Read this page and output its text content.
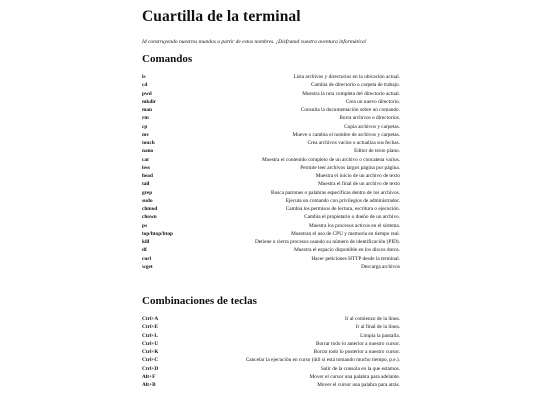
Cuartilla de la terminal

Id construyendo nuestros mundos a partir de estos nombres. ¡Disfrutad vuestra aventura informática!

Comandos
ls	Lista archivos y directorios en la ubicación actual.
cd	Cambia de directorio o carpeta de trabajo.
pwd	Muestra la ruta completa del directorio actual.
mkdir	Crea un nuevo directorio.
man	Consulta la documentación sobre un comando.
rm	Borra archivos o directorios.
cp	Copia archivos y carpetas.
mv	Mueve o cambia el nombre de archivos y carpetas.
touch	Crea archivos vacíos o actualiza sus fechas.
nano	Editor de texto plano.
cat	Muestra el contenido completo de un archivo o concatena varios.
less	Permite leer archivos largos página por página.
head	Muestra el inicio de un archivo de texto
tail	Muestra el final de un archivo de texto
grep	Busca patrones o palabras específicas dentro de los archivos.
sudo	Ejecuta un comando con privilegios de administrador.
chmod	Cambia los permisos de lectura, escritura o ejecución.
chown	Cambia el propietario o dueño de un archivo.
ps	Muestra los procesos activos en el sistema.
top/htop/btop	Muestran el uso de CPU y memoria en tiempo real.
kill	Detiene o cierra procesos usando su número de identificación (PID).
df	Muestra el espacio disponible en los discos duros.
curl	Hacer peticiones HTTP desde la terminal.
wget	Descarga archivos
Combinaciones de teclas
Ctrl+A	Ir al comienzo de la línea.
Ctrl+E	Ir al final de la línea.
Ctrl+L	Limpia la pantalla.
Ctrl+U	Borrar todo lo anterior a nuestro cursor.
Ctrl+K	Borrar todo lo posterior a nuestro cursor.
Ctrl+C	Cancelar la ejecución en curso (útil si está tomando mucho tiempo, p.e.).
Ctrl+D	Salir de la consola en la que estamos.
Alt+F	Mover el cursor una palabra para adelante.
Alt+B	Mover el cursor una palabra para atrás.
